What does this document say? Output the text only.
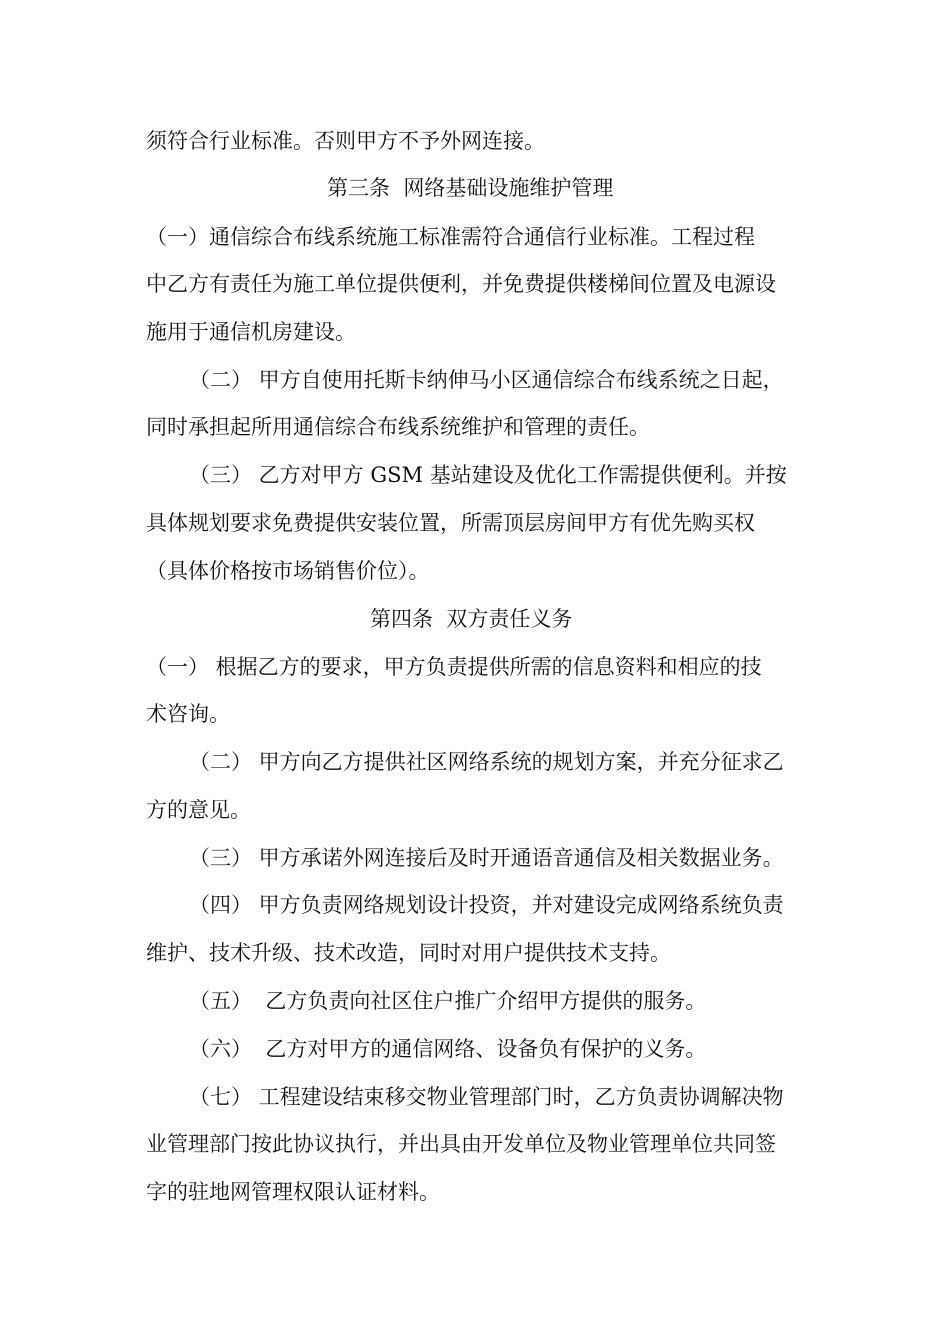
须符合行业标准。否则甲方不予外网连接。
第三条  网络基础设施维护管理
（一）通信综合布线系统施工标准需符合通信行业标准。工程过程
中乙方有责任为施工单位提供便利，并免费提供楼梯间位置及电源设
施用于通信机房建设。
（二） 甲方自使用托斯卡纳伸马小区通信综合布线系统之日起，
同时承担起所用通信综合布线系统维护和管理的责任。
（三） 乙方对甲方 GSM 基站建设及优化工作需提供便利。并按
具体规划要求免费提供安装位置，所需顶层房间甲方有优先购买权
（具体价格按市场销售价位）。
第四条  双方责任义务
（一） 根据乙方的要求，甲方负责提供所需的信息资料和相应的技
术咨询。
（二） 甲方向乙方提供社区网络系统的规划方案，并充分征求乙
方的意见。
（三） 甲方承诺外网连接后及时开通语音通信及相关数据业务。
（四） 甲方负责网络规划设计投资，并对建设完成网络系统负责
维护、技术升级、技术改造，同时对用户提供技术支持。
（五）  乙方负责向社区住户推广介绍甲方提供的服务。
（六）  乙方对甲方的通信网络、设备负有保护的义务。
（七） 工程建设结束移交物业管理部门时，乙方负责协调解决物
业管理部门按此协议执行，并出具由开发单位及物业管理单位共同签
字的驻地网管理权限认证材料。
